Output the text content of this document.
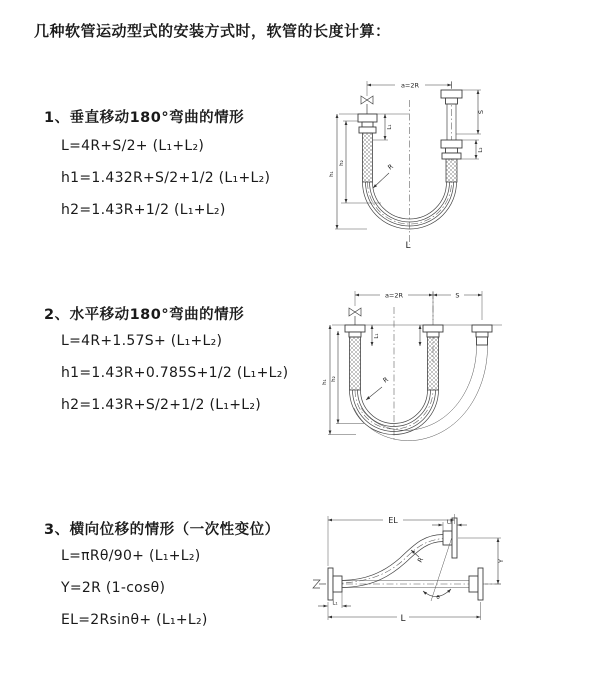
几种软管运动型式的安装方式时，软管的长度计算：
1、垂直移动180°弯曲的情形
L=4R+S/2+ (L₁+L₂)
h1=1.432R+S/2+1/2 (L₁+L₂)
h2=1.43R+1/2 (L₁+L₂)
2、水平移动180°弯曲的情形
L=4R+1.57S+ (L₁+L₂)
h1=1.43R+0.785S+1/2 (L₁+L₂)
h2=1.43R+S/2+1/2 (L₁+L₂)
3、横向位移的情形（一次性变位）
L=πRθ/90+ (L₁+L₂)
Y=2R (1-cosθ)
EL=2Rsinθ+ (L₁+L₂)
a=2R
R
L
h₁
h₂
L₁
S
L₂
a=2R	S
R
h₁
h₂
L₁
EL	L₂
L₁
L
Y
R
θ
